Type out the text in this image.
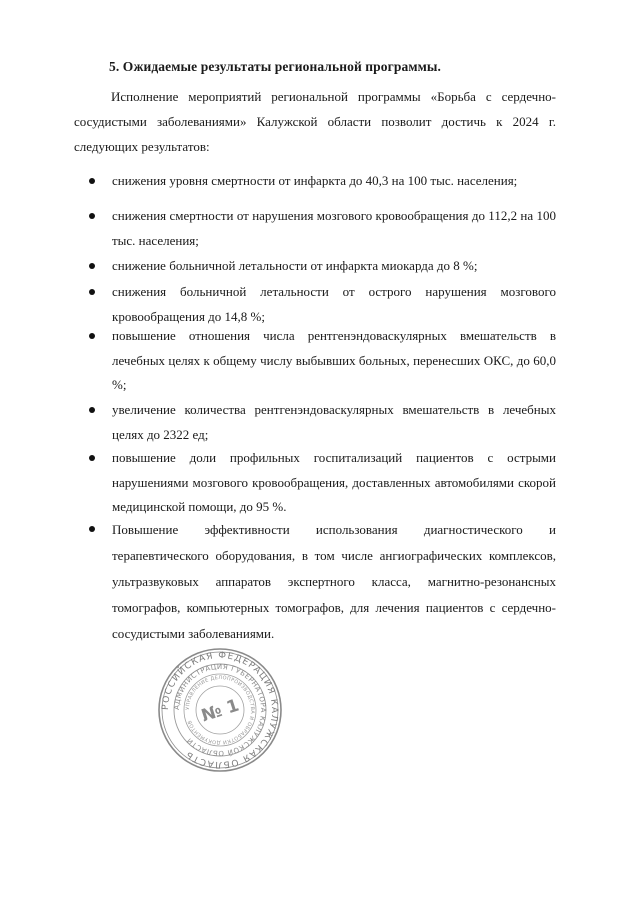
5. Ожидаемые результаты региональной программы.
Исполнение мероприятий региональной программы «Борьба с сердечно-сосудистыми заболеваниями» Калужской области позволит достичь к 2024 г. следующих результатов:
снижения уровня смертности от инфаркта до 40,3 на 100 тыс. населения;
снижения смертности от нарушения мозгового кровообращения до 112,2 на 100 тыс. населения;
снижение больничной летальности от инфаркта миокарда до 8 %;
снижения больничной летальности от острого нарушения мозгового кровообращения до 14,8 %;
повышение отношения числа рентгенэндоваскулярных вмешательств в лечебных целях к общему числу выбывших больных, перенесших ОКС, до 60,0 %;
увеличение количества рентгенэндоваскулярных вмешательств в лечебных целях до 2322 ед;
повышение доли профильных госпитализаций пациентов с острыми нарушениями мозгового кровообращения, доставленных автомобилями скорой медицинской помощи, до 95 %.
Повышение эффективности использования диагностического и терапевтического оборудования, в том числе ангиографических комплексов, ультразвуковых аппаратов экспертного класса, магнитно-резонансных томографов, компьютерных томографов, для лечения пациентов с сердечно-сосудистыми заболеваниями.
РОССИЙСКАЯ ФЕДЕРАЦИЯ КАЛУЖСКАЯ ОБЛАСТЬ
АДМИНИСТРАЦИЯ ГУБЕРНАТОРА КАЛУЖСКОЙ ОБЛАСТИ
УПРАВЛЕНИЕ ДЕЛОПРОИЗВОДСТВА И ОБРАБОТКИ ДОКУМЕНТОВ № 1
